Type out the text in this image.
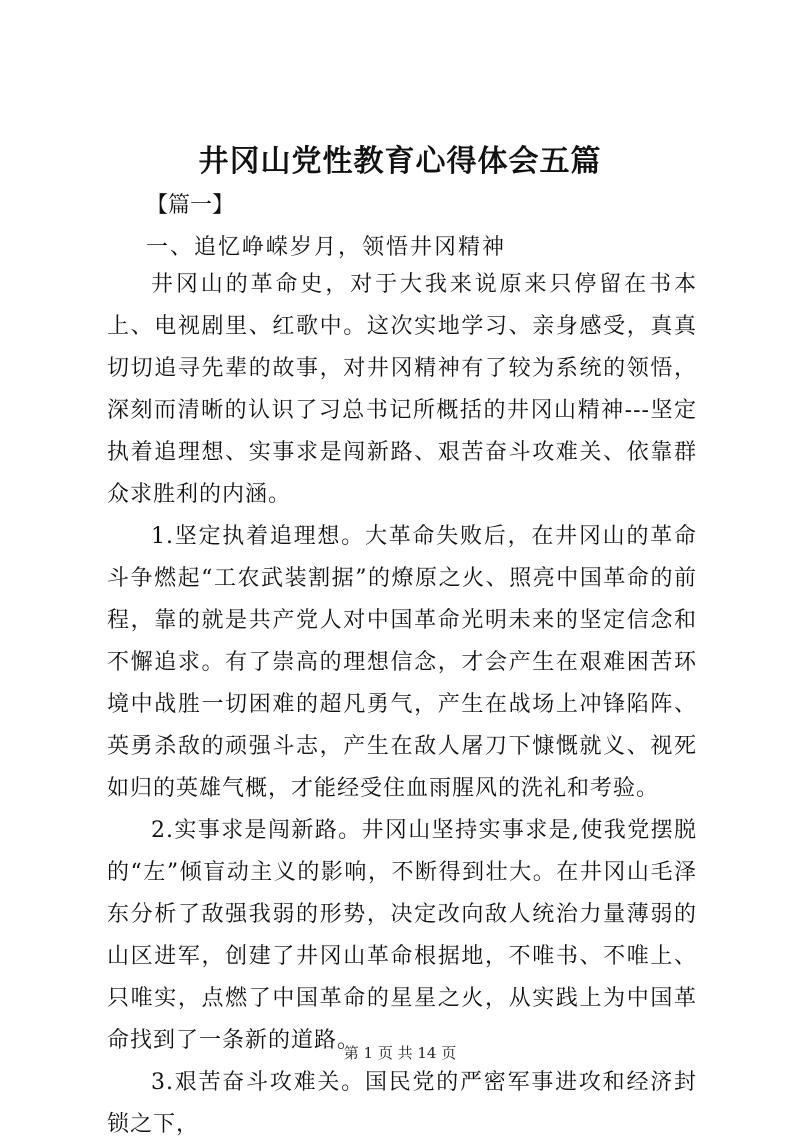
井冈山党性教育心得体会五篇
【篇一】
一、追忆峥嵘岁月，领悟井冈精神

井冈山的革命史，对于大我来说原来只停留在书本上、电视剧里、红歌中。这次实地学习、亲身感受，真真切切追寻先辈的故事，对井冈精神有了较为系统的领悟，深刻而清晰的认识了习总书记所概括的井冈山精神---坚定执着追理想、实事求是闯新路、艰苦奋斗攻难关、依靠群众求胜利的内涵。

1.坚定执着追理想。大革命失败后，在井冈山的革命斗争燃起“工农武装割据”的燎原之火、照亮中国革命的前程，靠的就是共产党人对中国革命光明未来的坚定信念和不懈追求。有了崇高的理想信念，才会产生在艰难困苦环境中战胜一切困难的超凡勇气，产生在战场上冲锋陷阵、英勇杀敌的顽强斗志，产生在敌人屠刀下慷慨就义、视死如归的英雄气概，才能经受住血雨腥风的洗礼和考验。

2.实事求是闯新路。井冈山坚持实事求是,使我党摆脱的“左”倾盲动主义的影响，不断得到壮大。在井冈山毛泽东分析了敌强我弱的形势，决定改向敌人统治力量薄弱的山区进军，创建了井冈山革命根据地，不唯书、不唯上、只唯实，点燃了中国革命的星星之火，从实践上为中国革命找到了一条新的道路。

3.艰苦奋斗攻难关。国民党的严密军事进攻和经济封锁之下，

第 1 页 共 14 页
